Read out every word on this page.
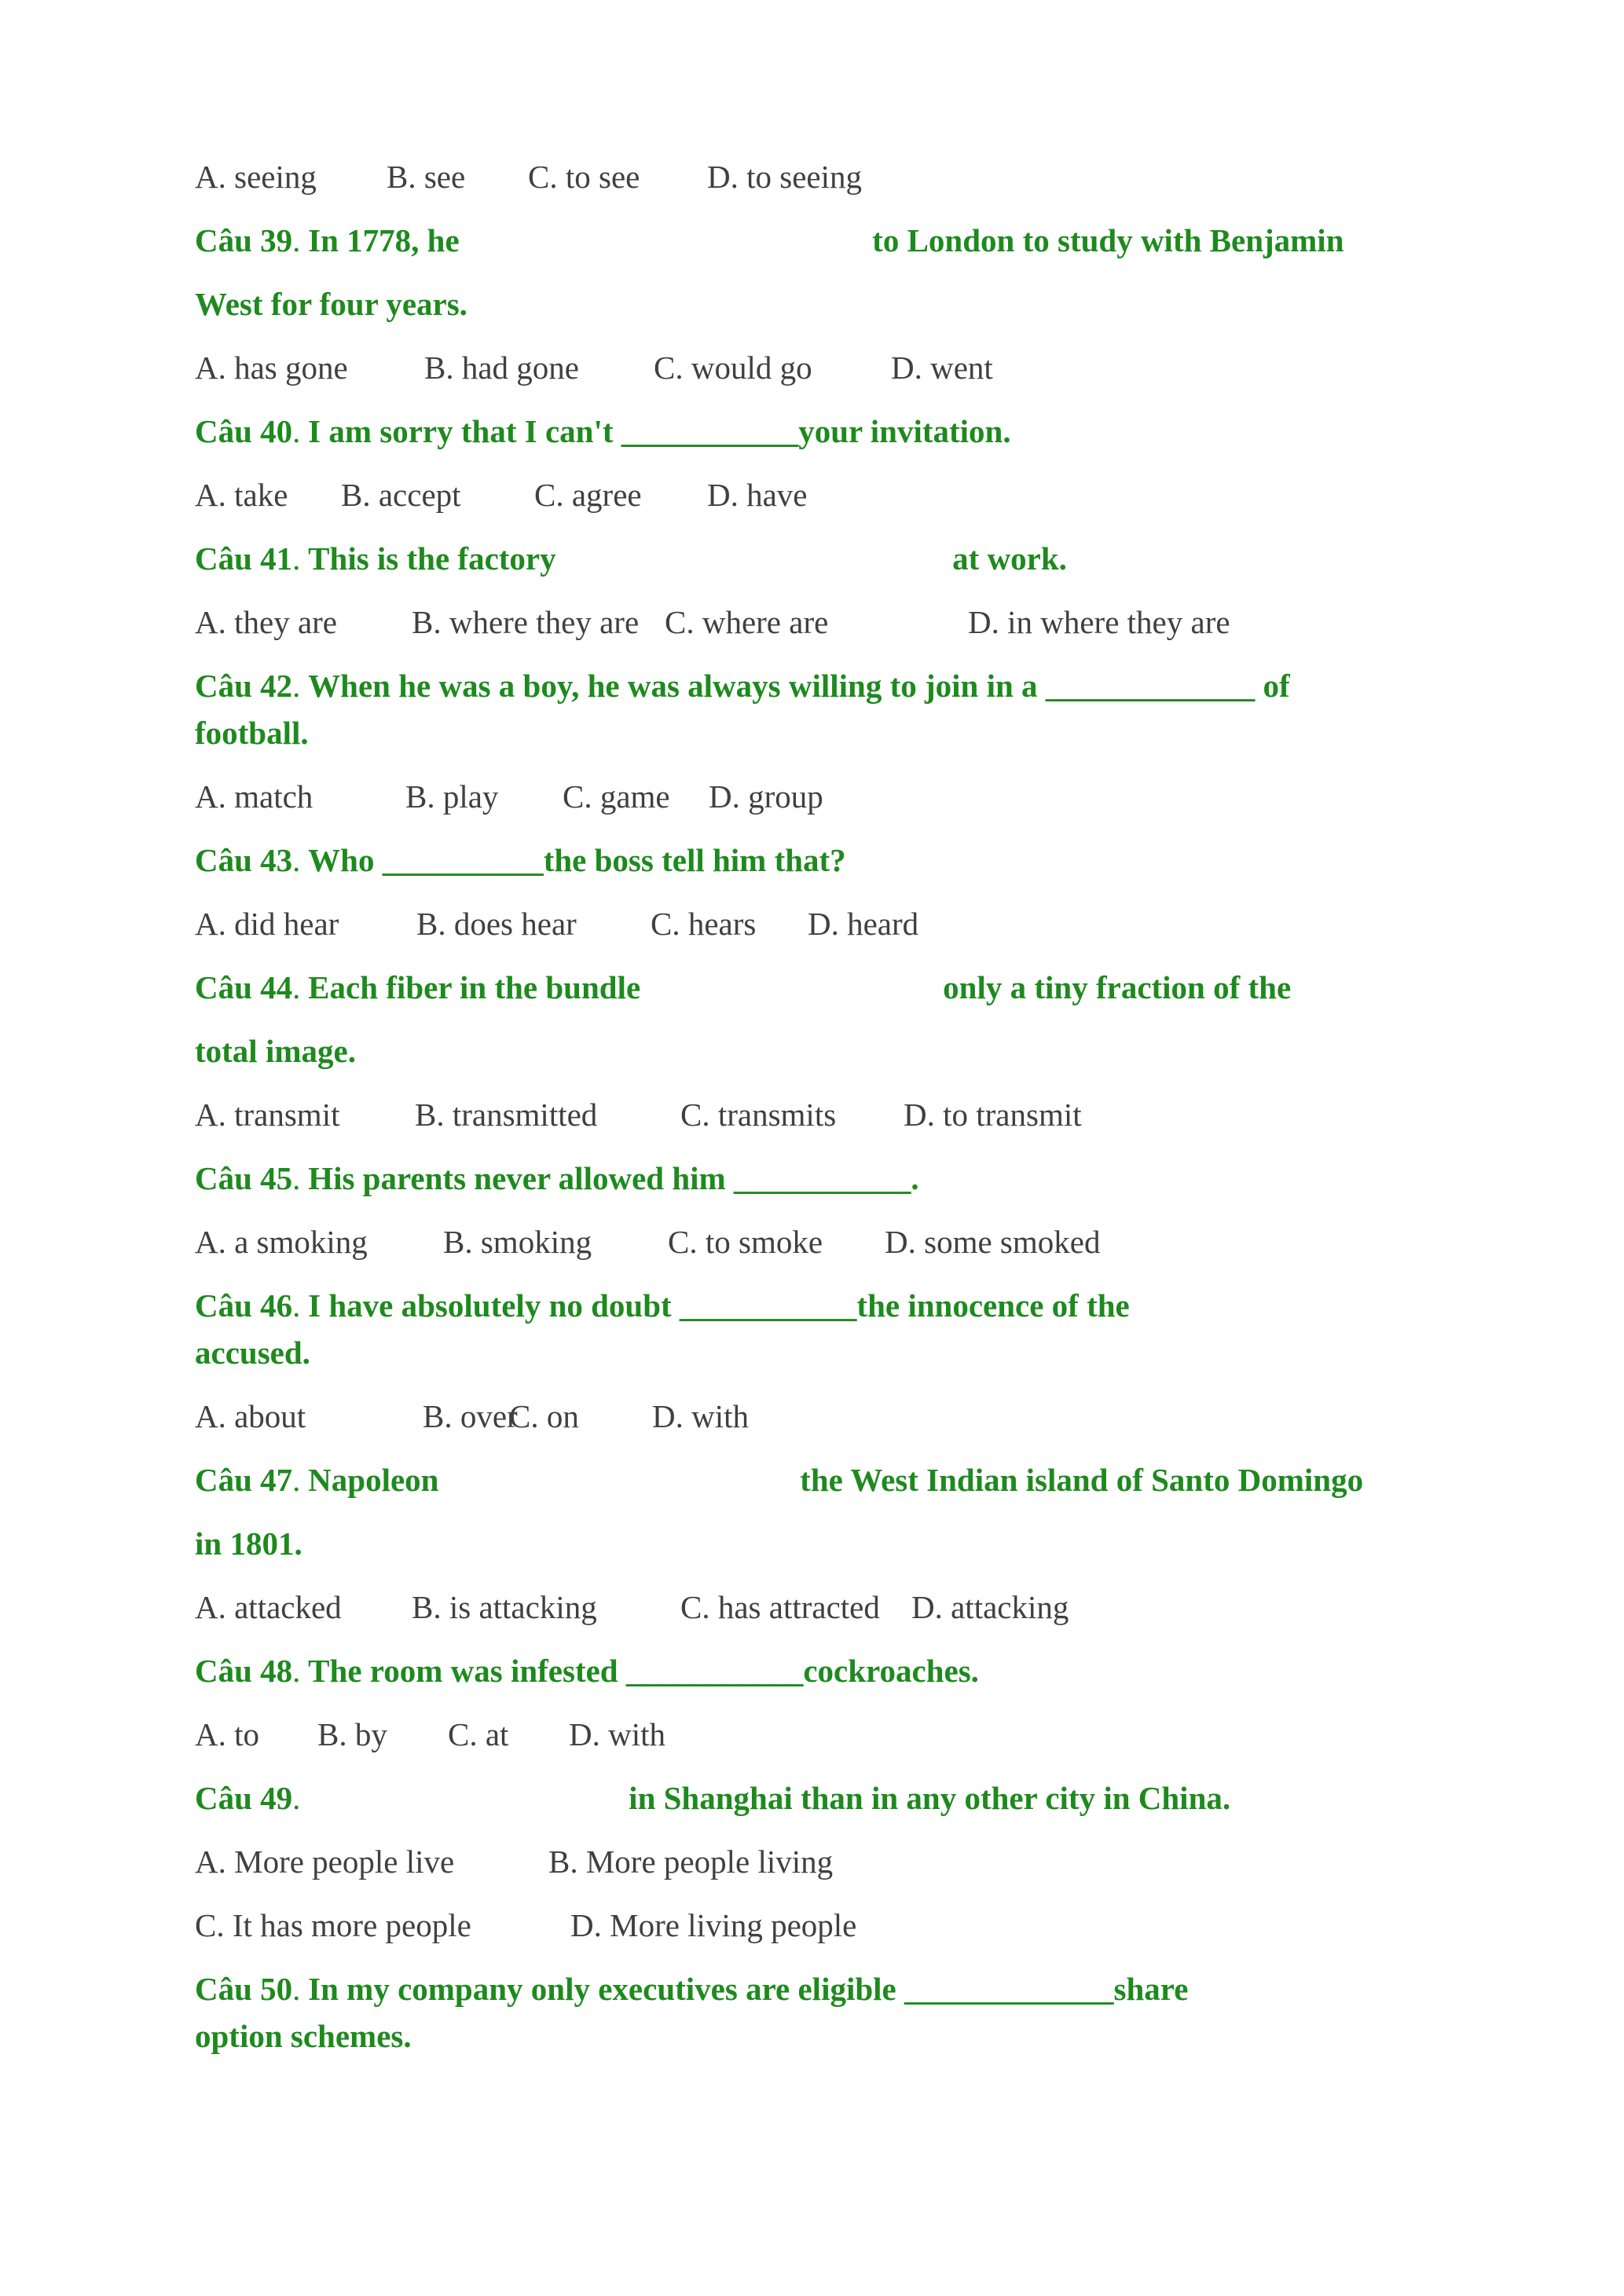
A. seeing B. see C. to see D. to seeing
Câu 39 . In 1778, he	to London to study with Benjamin
West for four years.
A. has gone B. had gone C. would go D. went
Câu 40 . I am sorry that I can't ___________your invitation.
A. take B. accept C. agree D. have
Câu 41 . This is the factory	at work.
A. they are B. where they are C. where are	D. in where they are
Câu 42 . When he was a boy, he was always willing to join in a _____________ of
football.
A. match	B. play C. game D. group
Câu 43 . Who __________the boss tell him that?
A. did hear B. does hear C. hears D. heard
Câu 44 . Each fiber in the bundle	only a tiny fraction of the
total image.
A. transmit B. transmitted	C. transmits D. to transmit
Câu 45 . His parents never allowed him ___________.
A. a smoking B. smoking C. to smoke D. some smoked
Câu 46 . I have absolutely no doubt ___________the innocence of the
accused.
A. about	B. over
C. on D. with
Câu 47 . Napoleon	the West Indian island of Santo Domingo
in 1801.
A. attacked B. is attacking	C. has attracted D. attacking
Câu 48 . The room was infested ___________cockroaches.
A. to B. by C. at D. with
Câu 49 .	in Shanghai than in any other city in China.
A. More people live	B. More people living
C. It has more people	D. More living people
Câu 50 . In my company only executives are eligible _____________share
option schemes.
